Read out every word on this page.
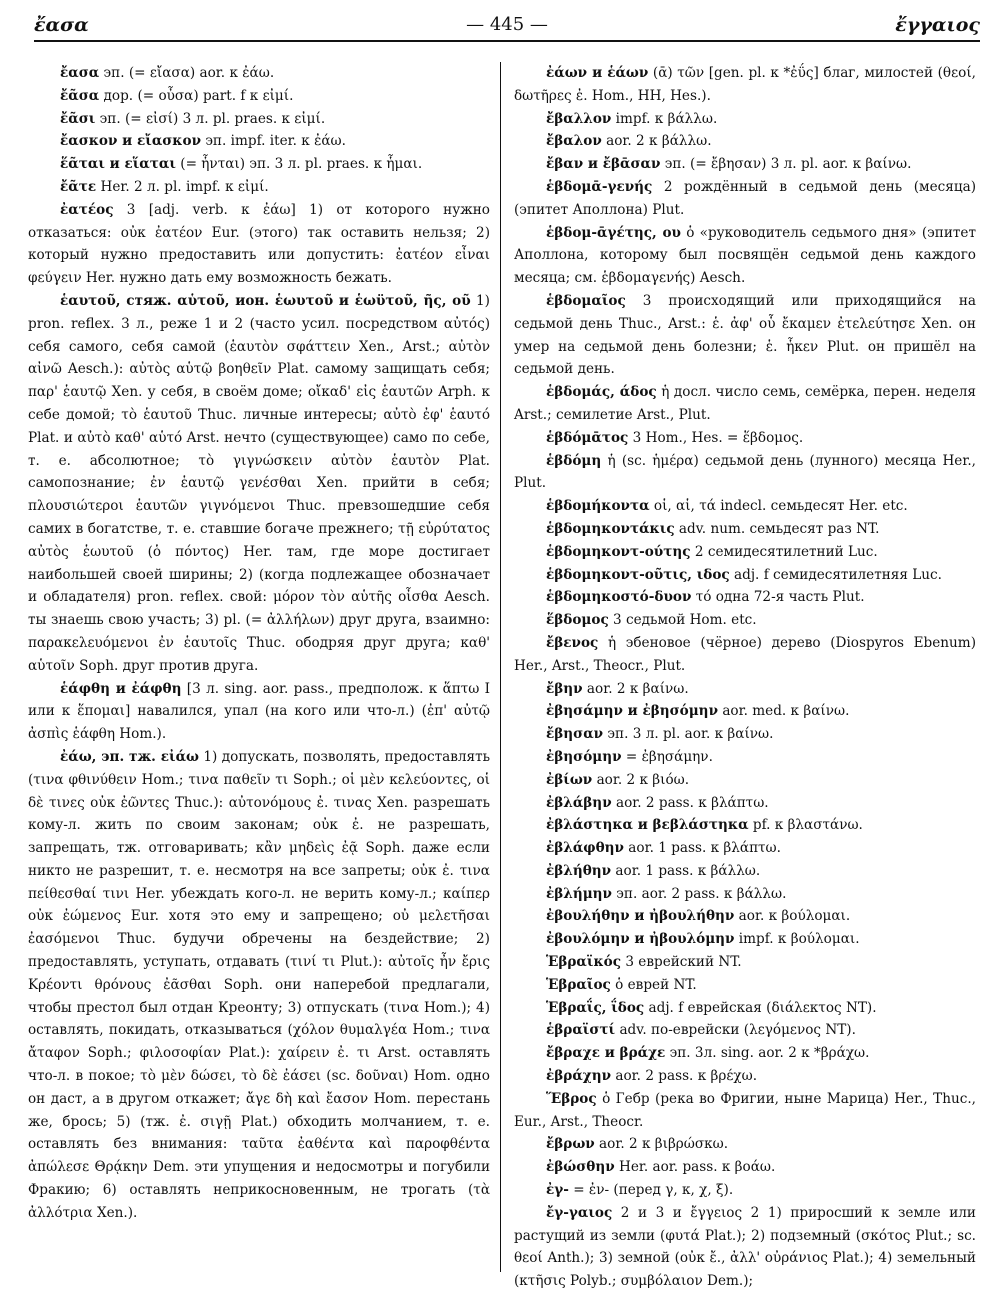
ἔασα	— 445 —	ἔγγαιος

ἔασα эп. (= εἴασα) aor. к ἐάω.

ἔᾶσα дор. (= οὖσα) part. f к εἰμί.

ἔᾶσι эп. (= εἰσί) 3 л. pl. praes. к εἰμί.

ἔασκον и εἴασκον эп. impf. iter. к ἐάω.

ἕᾶται и εἵαται (= ἧνται) эп. 3 л. pl. praes. к ἧμαι.

ἔᾶτε Her. 2 л. pl. impf. к εἰμί.

ἐατέος 3 [adj. verb. к ἐάω] 1) от которого нужно отказаться: οὐκ ἐατέον Eur. (этого) так оставить нельзя; 2) который нужно предоставить или допустить: ἐατέον εἶναι φεύγειν Her. нужно дать ему возможность бежать.

ἑαυτοῦ, стяж. αὑτοῦ, ион. ἑωυτοῦ и ἑωϋτοῦ, ῆς, οῦ 1) pron. reflex. 3 л., реже 1 и 2 (часто усил. посредством αὐτός) себя самого, себя самой (ἑαυτὸν σφάττειν Xen., Arst.; αὐτὸν αἰνῶ Aesch.): αὐτὸς αὑτῷ βοηθεῖν Plat. самому защищать себя; παρ' ἑαυτῷ Xen. у себя, в своём доме; οἴκαδ' εἰς ἑαυτῶν Arph. к себе домой; τὸ ἑαυτοῦ Thuc. личные интересы; αὐτὸ ἐφ' ἑαυτό Plat. и αὐτὸ καθ' αὑτό Arst. нечто (существующее) само по себе, т. е. абсолютное; τὸ γιγνώσκειν αὐτὸν ἑαυτὸν Plat. самопознание; ἐν ἑαυτῷ γενέσθαι Xen. прийти в себя; πλουσιώτεροι ἑαυτῶν γιγνόμενοι Thuc. превзошедшие себя самих в богатстве, т. е. ставшие богаче прежнего; τῇ εὐρύτατος αὐτὸς ἑωυτοῦ (ὁ πόντος) Her. там, где море достигает наибольшей своей ширины; 2) (когда подлежащее обозначает и обладателя) pron. reflex. свой: μόρον τὸν αὑτῆς οἶσθα Aesch. ты знаешь свою участь; 3) pl. (= ἀλλήλων) друг друга, взаимно: παρακελευόμενοι ἐν ἑαυτοῖς Thuc. ободряя друг друга; καθ' αὑτοῖν Soph. друг против друга.

ἑάφθη и ἐάφθη [3 л. sing. aor. pass., предполож. к ἅπτω I или к ἕπομαι] навалился, упал (на кого или что-л.) (ἐπ' αὐτῷ ἀσπὶς ἑάφθη Hom.).

ἐάω, эп. тж. εἰάω 1) допускать, позволять, предоставлять (τινα φθινύθειν Hom.; τινα παθεῖν τι Soph.; οἱ μὲν κελεύοντες, οἱ δὲ τινες οὐκ ἐῶντες Thuc.): αὐτονόμους ἐ. τινας Xen. разрешать кому-л. жить по своим законам; οὐκ ἐ. не разрешать, запрещать, тж. отговаривать; κἂν μηδεὶς ἐᾷ Soph. даже если никто не разрешит, т. е. несмотря на все запреты; οὐκ ἐ. τινα πείθεσθαί τινι Her. убеждать кого-л. не верить кому-л.; καίπερ οὐκ ἐώμενος Eur. хотя это ему и запрещено; οὐ μελετῆσαι ἐασόμενοι Thuc. будучи обречены на бездействие; 2) предоставлять, уступать, отдавать (τινί τι Plut.): αὐτοῖς ἦν ἔρις Κρέοντι θρόνους ἐᾶσθαι Soph. они наперебой предлагали, чтобы престол был отдан Креонту; 3) отпускать (τινα Hom.); 4) оставлять, покидать, отказываться (χόλον θυμαλγέα Hom.; τινα ἄταφον Soph.; φιλοσοφίαν Plat.): χαίρειν ἐ. τι Arst. оставлять что-л. в покое; τὸ μὲν δώσει, τὸ δὲ ἐάσει (sc. δοῦναι) Hom. одно он даст, а в другом откажет; ἄγε δὴ καὶ ἔασον Hom. перестань же, брось; 5) (тж. ἐ. σιγῇ Plat.) обходить молчанием, т. е. оставлять без внимания: ταῦτα ἐαθέντα καὶ παροφθέντα ἀπώλεσε Θρᾴκην Dem. эти упущения и недосмотры и погубили Фракию; 6) оставлять неприкосновенным, не трогать (τὰ ἀλλότρια Xen.).

ἐάων и ἑάων (ᾱ) τῶν [gen. pl. к *ἐΰς] благ, милостей (θεοί, δωτῆρες ἐ. Hom., HH, Hes.).

ἔβαλλον impf. к βάλλω.

ἔβαλον aor. 2 к βάλλω.

ἔβαν и ἔβᾱσαν эп. (= ἔβησαν) 3 л. pl. aor. к βαίνω.

ἑβδομᾱ-γενής 2 рождённый в седьмой день (месяца) (эпитет Аполлона) Plut.

ἑβδομ-ᾱγέτης, ου ὁ «руководитель седьмого дня» (эпитет Аполлона, которому был посвящён седьмой день каждого месяца; см. ἑβδομαγενής) Aesch.

ἑβδομαῖος 3 происходящий или приходящийся на седьмой день Thuc., Arst.: ἑ. ἀφ' οὗ ἔκαμεν ἐτελεύτησε Xen. он умер на седьмой день болезни; ἑ. ἧκεν Plut. он пришёл на седьмой день.

ἑβδομάς, άδος ἡ досл. число семь, семёрка, перен. неделя Arst.; семилетие Arst., Plut.

ἑβδόμᾱτος 3 Hom., Hes. = ἕβδομος.

ἑβδόμη ἡ (sc. ἡμέρα) седьмой день (лунного) месяца Her., Plut.

ἑβδομήκοντα οἱ, αἱ, τά indecl. семьдесят Her. etc.

ἑβδομηκοντάκις adv. num. семьдесят раз NT.

ἑβδομηκοντ-ούτης 2 семидесятилетний Luc.

ἑβδομηκοντ-οῦτις, ιδος adj. f семидесятилетняя Luc.

ἑβδομηκοστό-δυον τό одна 72-я часть Plut.

ἕβδομος 3 седьмой Hom. etc.

ἔβενος ἡ эбеновое (чёрное) дерево (Diospyros Ebenum) Her., Arst., Theocr., Plut.

ἔβην aor. 2 к βαίνω.

ἐβησάμην и ἐβησόμην aor. med. к βαίνω.

ἔβησαν эп. 3 л. pl. aor. к βαίνω.

ἐβησόμην = ἐβησάμην.

ἐβίων aor. 2 к βιόω.

ἐβλάβην aor. 2 pass. к βλάπτω.

ἐβλάστηκα и βεβλάστηκα pf. к βλαστάνω.

ἐβλάφθην aor. 1 pass. к βλάπτω.

ἐβλήθην aor. 1 pass. к βάλλω.

ἐβλήμην эп. aor. 2 pass. к βάλλω.

ἐβουλήθην и ἠβουλήθην aor. к βούλομαι.

ἐβουλόμην и ἠβουλόμην impf. к βούλομαι.

Ἑβραϊκός 3 еврейский NT.

Ἑβραῖος ὁ еврей NT.

Ἑβραΐς, ΐδος adj. f еврейская (διάλεκτος NT).

ἑβραϊστί adv. по-еврейски (λεγόμενος NT).

ἔβραχε и βράχε эп. 3л. sing. aor. 2 к *βράχω.

ἐβράχην aor. 2 pass. к βρέχω.

Ἕβρος ὁ Гебр (река во Фригии, ныне Марица) Her., Thuc., Eur., Arst., Theocr.

ἔβρων aor. 2 к βιβρώσκω.

ἐβώσθην Her. aor. pass. к βοάω.

ἐγ- = ἐν- (перед γ, κ, χ, ξ).

ἔγ-γαιος 2 и 3 и ἔγγειος 2 1) приросший к земле или растущий из земли (φυτά Plat.); 2) подземный (σκότος Plut.; sc. θεοί Anth.); 3) земной (οὐκ ἔ., ἀλλ' οὐράνιος Plat.); 4) земельный (κτῆσις Polyb.; συμβόλαιον Dem.);
